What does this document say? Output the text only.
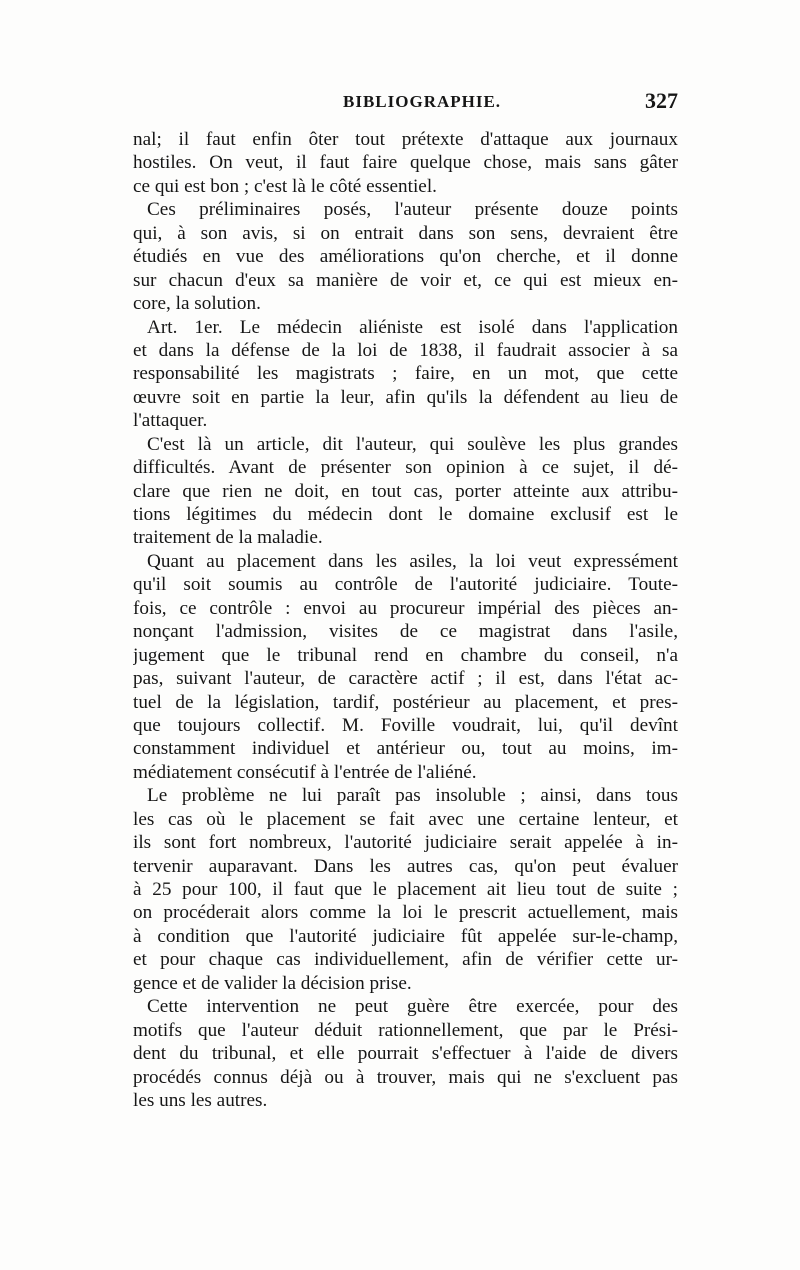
BIBLIOGRAPHIE.	327
nal; il faut enfin ôter tout prétexte d'attaque aux journaux
hostiles. On veut, il faut faire quelque chose, mais sans gâter
ce qui est bon ; c'est là le côté essentiel.
Ces préliminaires posés, l'auteur présente douze points
qui, à son avis, si on entrait dans son sens, devraient être
étudiés en vue des améliorations qu'on cherche, et il donne
sur chacun d'eux sa manière de voir et, ce qui est mieux en-
core, la solution.
Art. 1er. Le médecin aliéniste est isolé dans l'application
et dans la défense de la loi de 1838, il faudrait associer à sa
responsabilité les magistrats ; faire, en un mot, que cette
œuvre soit en partie la leur, afin qu'ils la défendent au lieu de
l'attaquer.
C'est là un article, dit l'auteur, qui soulève les plus grandes
difficultés. Avant de présenter son opinion à ce sujet, il dé-
clare que rien ne doit, en tout cas, porter atteinte aux attribu-
tions légitimes du médecin dont le domaine exclusif est le
traitement de la maladie.
Quant au placement dans les asiles, la loi veut expressément
qu'il soit soumis au contrôle de l'autorité judiciaire. Toute-
fois, ce contrôle : envoi au procureur impérial des pièces an-
nonçant l'admission, visites de ce magistrat dans l'asile,
jugement que le tribunal rend en chambre du conseil, n'a
pas, suivant l'auteur, de caractère actif ; il est, dans l'état ac-
tuel de la législation, tardif, postérieur au placement, et pres-
que toujours collectif. M. Foville voudrait, lui, qu'il devînt
constamment individuel et antérieur ou, tout au moins, im-
médiatement consécutif à l'entrée de l'aliéné.
Le problème ne lui paraît pas insoluble ; ainsi, dans tous
les cas où le placement se fait avec une certaine lenteur, et
ils sont fort nombreux, l'autorité judiciaire serait appelée à in-
tervenir auparavant. Dans les autres cas, qu'on peut évaluer
à 25 pour 100, il faut que le placement ait lieu tout de suite ;
on procéderait alors comme la loi le prescrit actuellement, mais
à condition que l'autorité judiciaire fût appelée sur-le-champ,
et pour chaque cas individuellement, afin de vérifier cette ur-
gence et de valider la décision prise.
Cette intervention ne peut guère être exercée, pour des
motifs que l'auteur déduit rationnellement, que par le Prési-
dent du tribunal, et elle pourrait s'effectuer à l'aide de divers
procédés connus déjà ou à trouver, mais qui ne s'excluent pas
les uns les autres.
